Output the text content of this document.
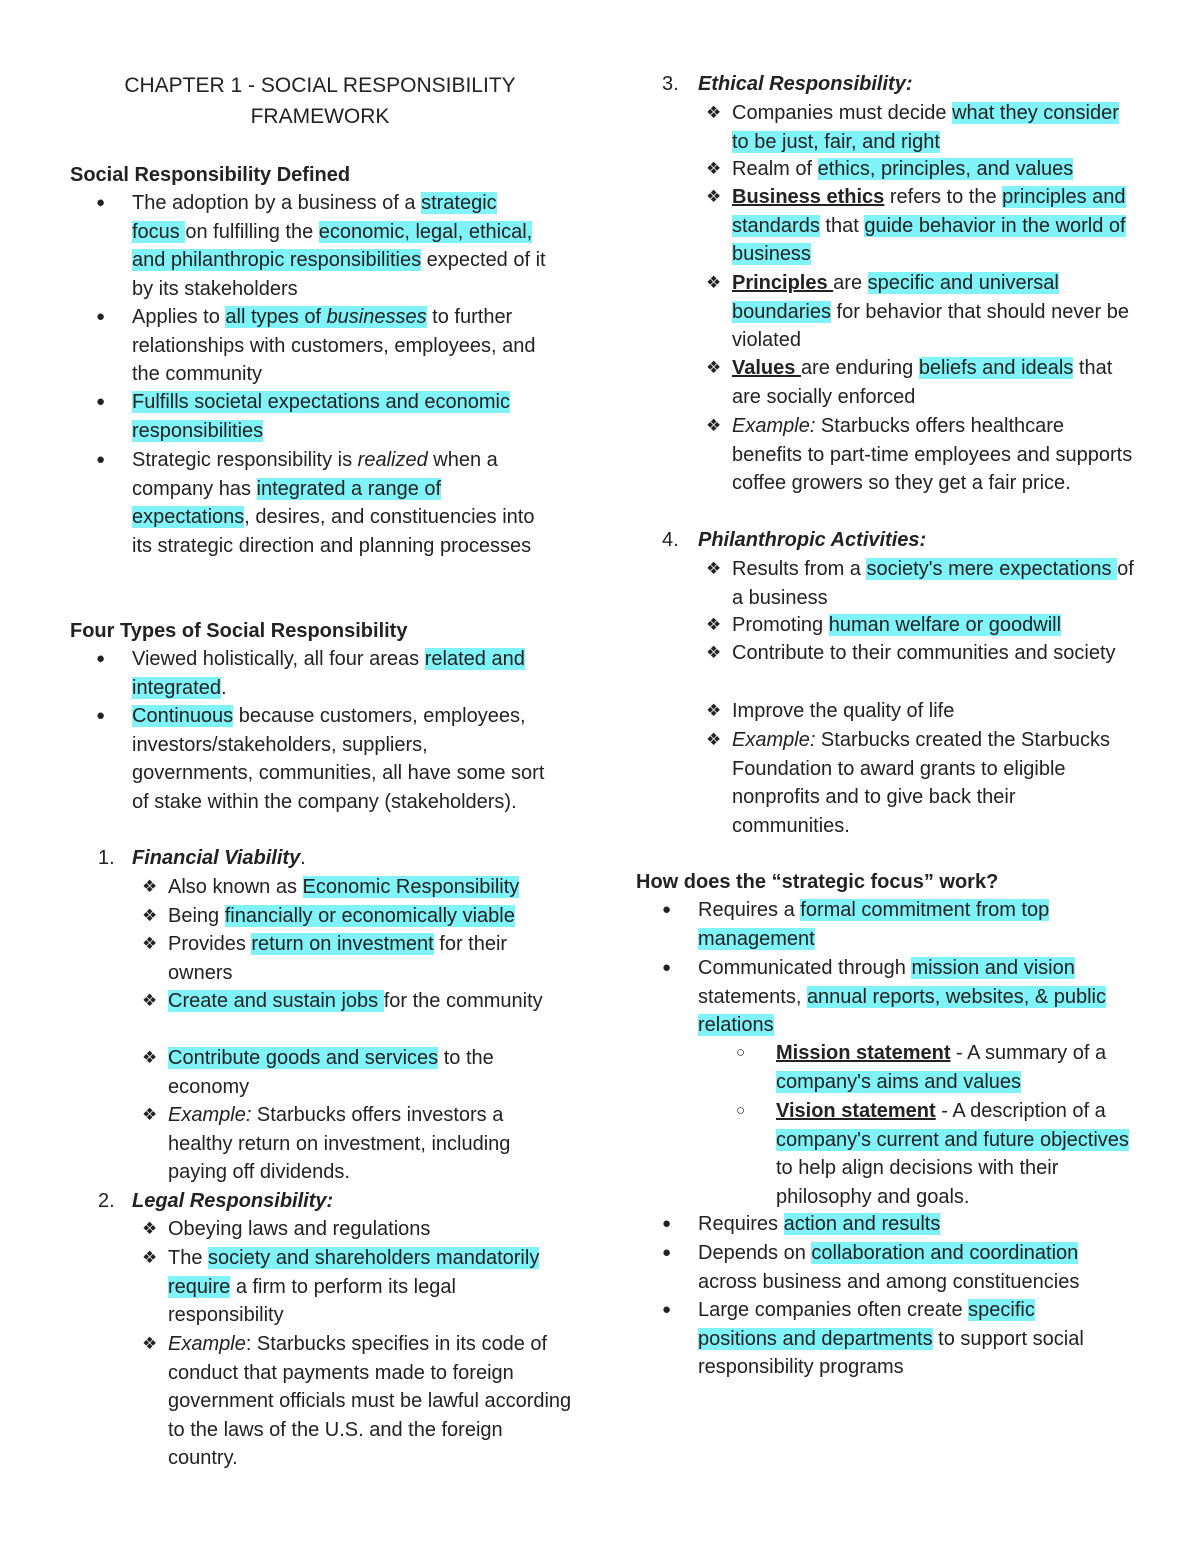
CHAPTER 1 - SOCIAL RESPONSIBILITY FRAMEWORK
Social Responsibility Defined
●	The adoption by a business of a strategic focus on fulfilling the economic, legal, ethical, and philanthropic responsibilities expected of it by its stakeholders
●	Applies to all types of businesses to further relationships with customers, employees, and the community
●	Fulfills societal expectations and economic responsibilities
●	Strategic responsibility is realized when a company has integrated a range of expectations, desires, and constituencies into its strategic direction and planning processes
Four Types of Social Responsibility
●	Viewed holistically, all four areas related and integrated.
●	Continuous because customers, employees, investors/stakeholders, suppliers, governments, communities, all have some sort of stake within the company (stakeholders).
1. Financial Viability.
❖ Also known as Economic Responsibility
❖ Being financially or economically viable
❖ Provides return on investment for their owners
❖ Create and sustain jobs for the community
❖ Contribute goods and services to the economy
❖ Example: Starbucks offers investors a healthy return on investment, including paying off dividends.
2. Legal Responsibility:
❖ Obeying laws and regulations
❖ The society and shareholders mandatorily require a firm to perform its legal responsibility
❖ Example: Starbucks specifies in its code of conduct that payments made to foreign government officials must be lawful according to the laws of the U.S. and the foreign country.
3. Ethical Responsibility:
❖ Companies must decide what they consider to be just, fair, and right
❖ Realm of ethics, principles, and values
❖ Business ethics refers to the principles and standards that guide behavior in the world of business
❖ Principles are specific and universal boundaries for behavior that should never be violated
❖ Values are enduring beliefs and ideals that are socially enforced
❖ Example: Starbucks offers healthcare benefits to part-time employees and supports coffee growers so they get a fair price.
4. Philanthropic Activities:
❖ Results from a society's mere expectations of a business
❖ Promoting human welfare or goodwill
❖ Contribute to their communities and society
❖ Improve the quality of life
❖ Example: Starbucks created the Starbucks Foundation to award grants to eligible nonprofits and to give back their communities.
How does the “strategic focus” work?
●	Requires a formal commitment from top management
●	Communicated through mission and vision statements, annual reports, websites, & public relations
○	Mission statement - A summary of a company's aims and values
○	Vision statement - A description of a company's current and future objectives to help align decisions with their philosophy and goals.
●	Requires action and results
●	Depends on collaboration and coordination across business and among constituencies
●	Large companies often create specific positions and departments to support social responsibility programs
